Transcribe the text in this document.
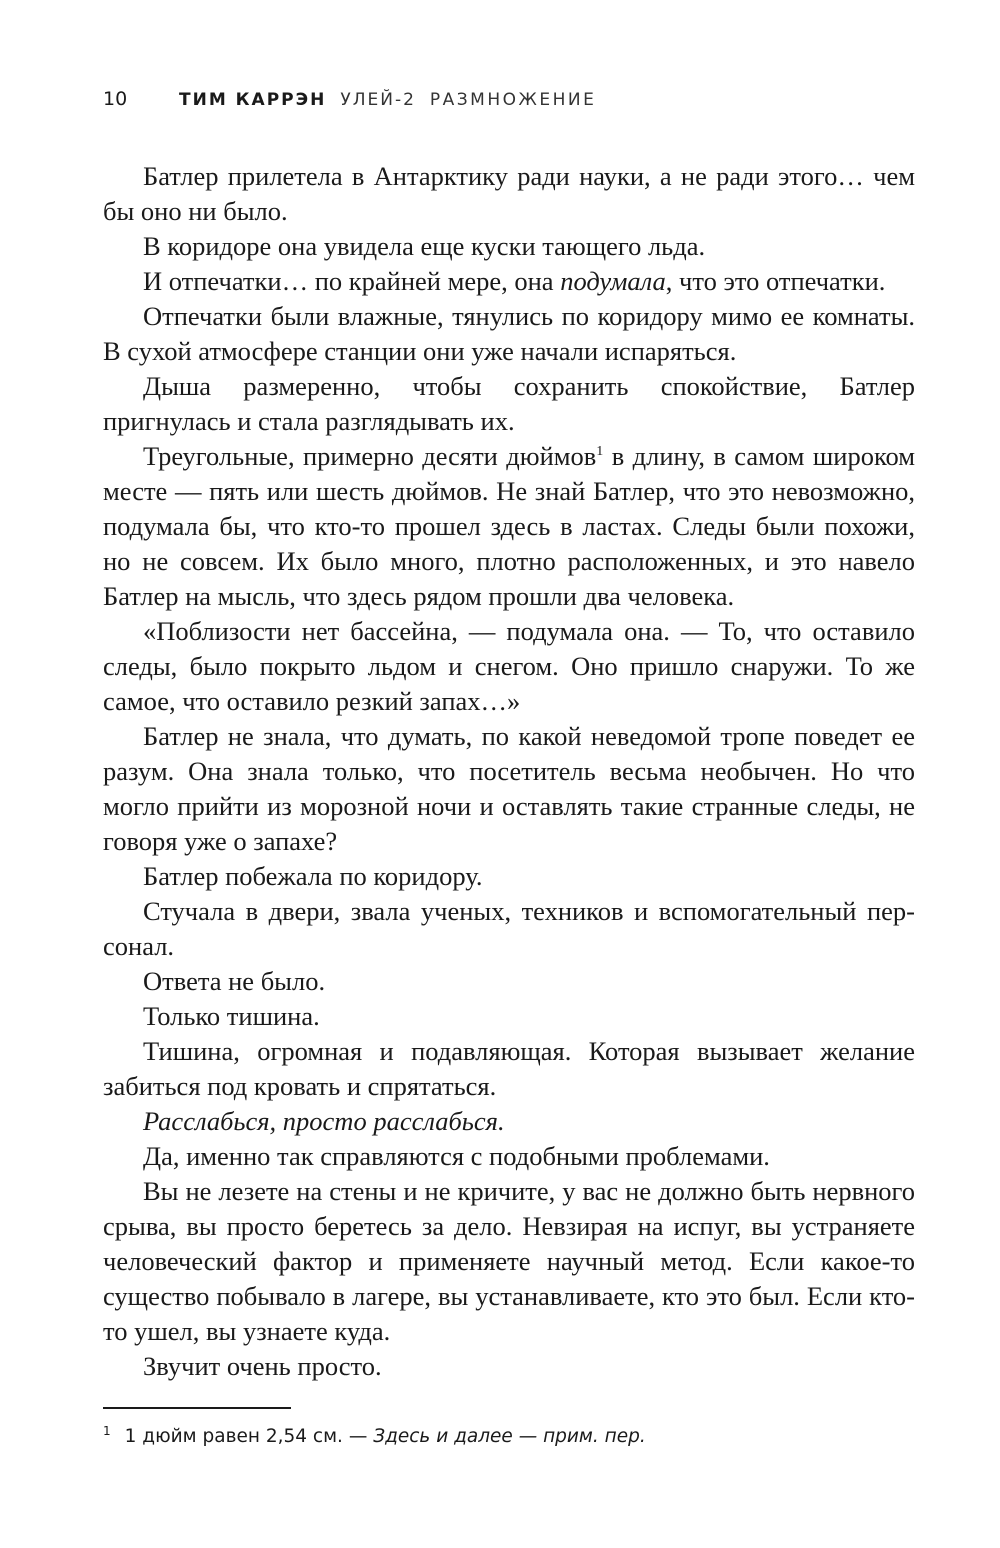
10	ТИМ КАРРЭН УЛЕЙ-2 РАЗМНОЖЕНИЕ

Батлер прилетела в Антарктику ради науки, а не ради этого… чем бы оно ни было.

В коридоре она увидела еще куски тающего льда.

И отпечатки… по крайней мере, она подумала, что это отпечатки.

Отпечатки были влажные, тянулись по коридору мимо ее комнаты. В сухой атмосфере станции они уже начали испаряться.

Дыша размеренно, чтобы сохранить спокойствие, Батлер пригнулась и стала разглядывать их.

Треугольные, примерно десяти дюймов$^1$ в длину, в самом широком месте — пять или шесть дюймов. Не знай Батлер, что это невозможно, подумала бы, что кто-то прошел здесь в ластах. Следы были похожи, но не совсем. Их было много, плотно расположенных, и это навело Батлер на мысль, что здесь рядом прошли два человека.

«Поблизости нет бассейна, — подумала она. — То, что оставило следы, было покрыто льдом и снегом. Оно пришло снаружи. То же самое, что оставило резкий запах…»

Батлер не знала, что думать, по какой неведомой тропе поведет ее разум. Она знала только, что посетитель весьма необычен. Но что могло прийти из морозной ночи и оставлять такие странные следы, не говоря уже о запахе?

Батлер побежала по коридору.

Стучала в двери, звала ученых, техников и вспомогательный персонал.

Ответа не было.

Только тишина.

Тишина, огромная и подавляющая. Которая вызывает желание забиться под кровать и спрятаться.

Расслабься, просто расслабься.

Да, именно так справляются с подобными проблемами.

Вы не лезете на стены и не кричите, у вас не должно быть нервного срыва, вы просто беретесь за дело. Невзирая на испуг, вы устраняете человеческий фактор и применяете научный метод. Если какое-то существо побывало в лагере, вы устанавливаете, кто это был. Если кто-то ушел, вы узнаете куда.

Звучит очень просто.

$^1$ 1 дюйм равен 2,54 см. — Здесь и далее — прим. пер.
